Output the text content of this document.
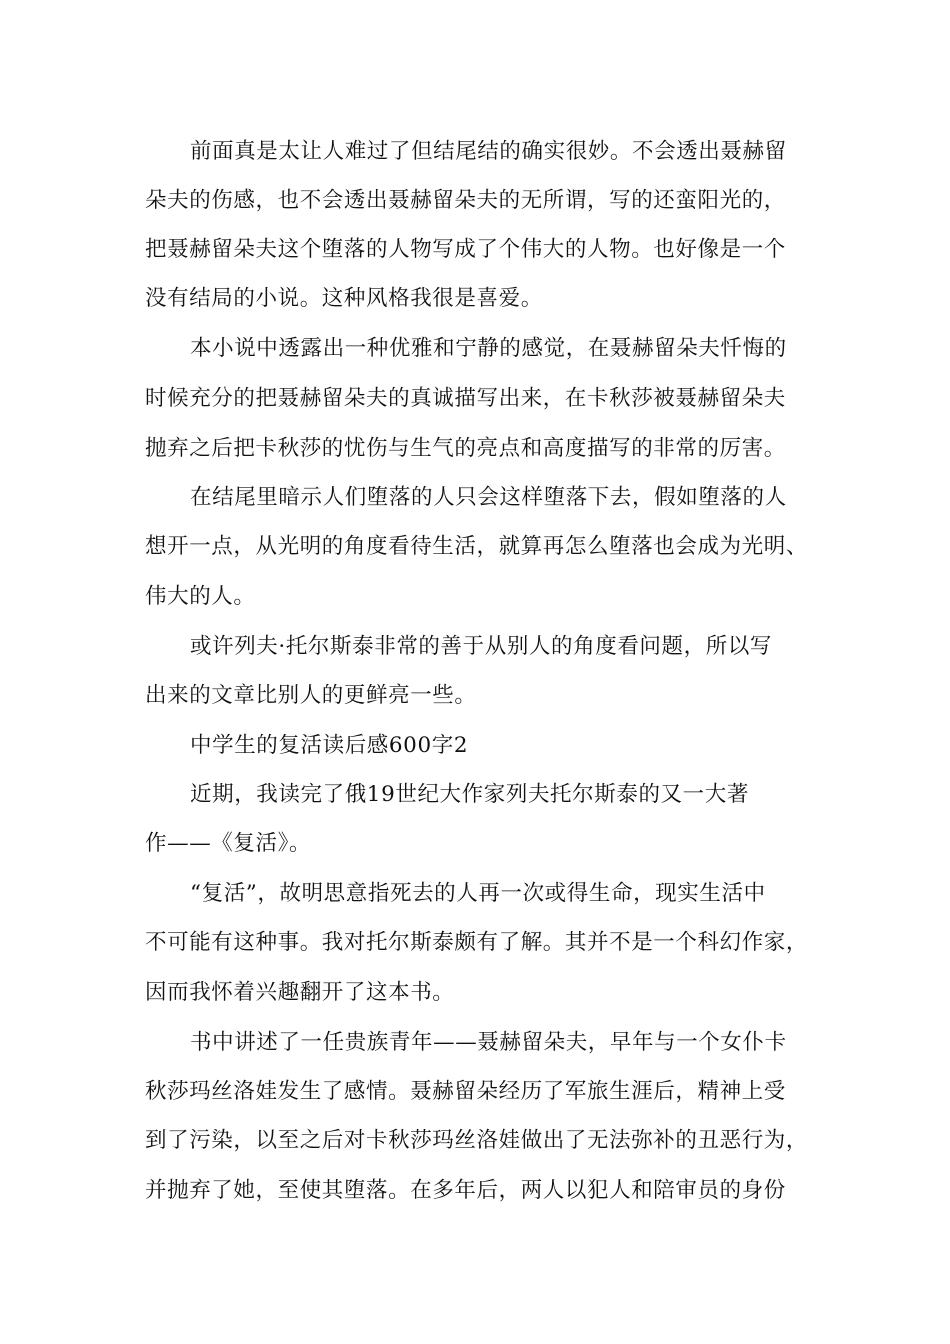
前面真是太让人难过了但结尾结的确实很妙。不会透出聂赫留
朵夫的伤感，也不会透出聂赫留朵夫的无所谓，写的还蛮阳光的，
把聂赫留朵夫这个堕落的人物写成了个伟大的人物。也好像是一个
没有结局的小说。这种风格我很是喜爱。
本小说中透露出一种优雅和宁静的感觉，在聂赫留朵夫忏悔的
时候充分的把聂赫留朵夫的真诚描写出来，在卡秋莎被聂赫留朵夫
抛弃之后把卡秋莎的忧伤与生气的亮点和高度描写的非常的厉害。
在结尾里暗示人们堕落的人只会这样堕落下去，假如堕落的人
想开一点，从光明的角度看待生活，就算再怎么堕落也会成为光明、
伟大的人。
或许列夫·托尔斯泰非常的善于从别人的角度看问题，所以写
出来的文章比别人的更鲜亮一些。
中学生的复活读后感600字2
近期，我读完了俄19世纪大作家列夫托尔斯泰的又一大著
作——《复活》。
“复活”，故明思意指死去的人再一次或得生命，现实生活中
不可能有这种事。我对托尔斯泰颇有了解。其并不是一个科幻作家，
因而我怀着兴趣翻开了这本书。
书中讲述了一任贵族青年——聂赫留朵夫，早年与一个女仆卡
秋莎玛丝洛娃发生了感情。聂赫留朵经历了军旅生涯后，精神上受
到了污染，以至之后对卡秋莎玛丝洛娃做出了无法弥补的丑恶行为，
并抛弃了她，至使其堕落。在多年后，两人以犯人和陪审员的身份
